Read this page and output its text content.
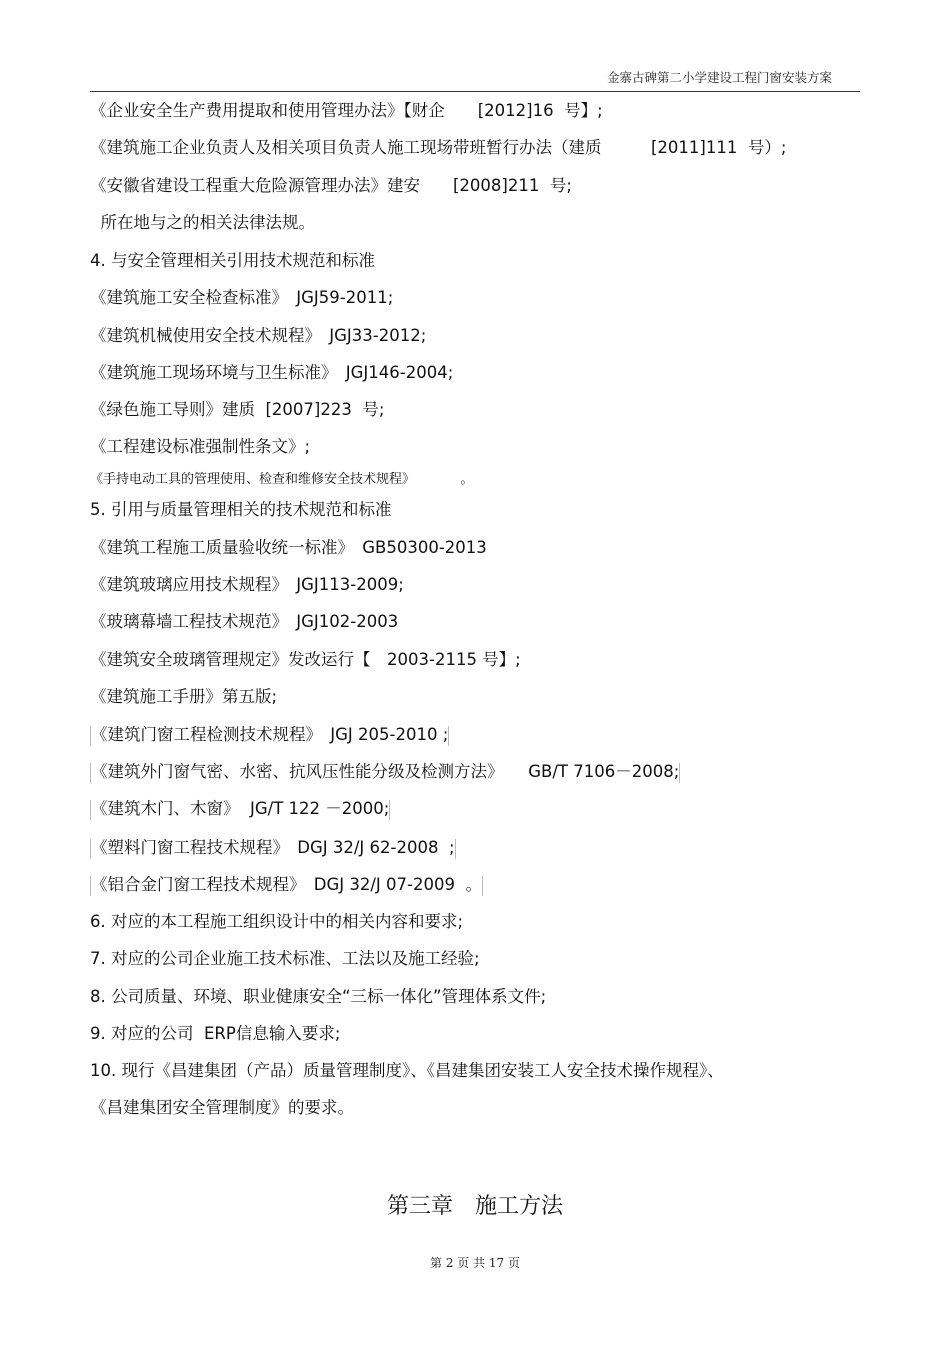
金寨古碑第二小学建设工程门窗安装方案
《企业安全生产费用提取和使用管理办法》【财企　　[2012]16  号】;
《建筑施工企业负责人及相关项目负责人施工现场带班暂行办法（建质　　　[2011]111  号）;
《安徽省建设工程重大危险源管理办法》建安　　[2008]211  号;
所在地与之的相关法律法规。
4. 与安全管理相关引用技术规范和标准
《建筑施工安全检查标准》　JGJ59-2011;
《建筑机械使用安全技术规程》　JGJ33-2012;
《建筑施工现场环境与卫生标准》　JGJ146-2004;
《绿色施工导则》建质  [2007]223  号;
《工程建设标准强制性条文》;
《手持电动工具的管理使用、检查和维修安全技术规程》　　　　。
5. 引用与质量管理相关的技术规范和标准
《建筑工程施工质量验收统一标准》　GB50300-2013
《建筑玻璃应用技术规程》　JGJ113-2009;
《玻璃幕墙工程技术规范》　JGJ102-2003
《建筑安全玻璃管理规定》发改运行【　2003-2115 号】;
《建筑施工手册》第五版;
《建筑门窗工程检测技术规程》　JGJ 205-2010 ;
《建筑外门窗气密、水密、抗风压性能分级及检测方法》　　GB/T 7106－2008;
《建筑木门、木窗》  JG/T 122 －2000;
《塑料门窗工程技术规程》　DGJ 32/J 62-2008  ;
《铝合金门窗工程技术规程》　DGJ 32/J 07-2009  。
6. 对应的本工程施工组织设计中的相关内容和要求;
7. 对应的公司企业施工技术标准、工法以及施工经验;
8. 公司质量、环境、职业健康安全“三标一体化”管理体系文件;
9. 对应的公司  ERP信息输入要求;
10. 现行《昌建集团（产品）质量管理制度》、《昌建集团安装工人安全技术操作规程》、
《昌建集团安全管理制度》的要求。
第三章　施工方法
第 2 页 共 17 页
